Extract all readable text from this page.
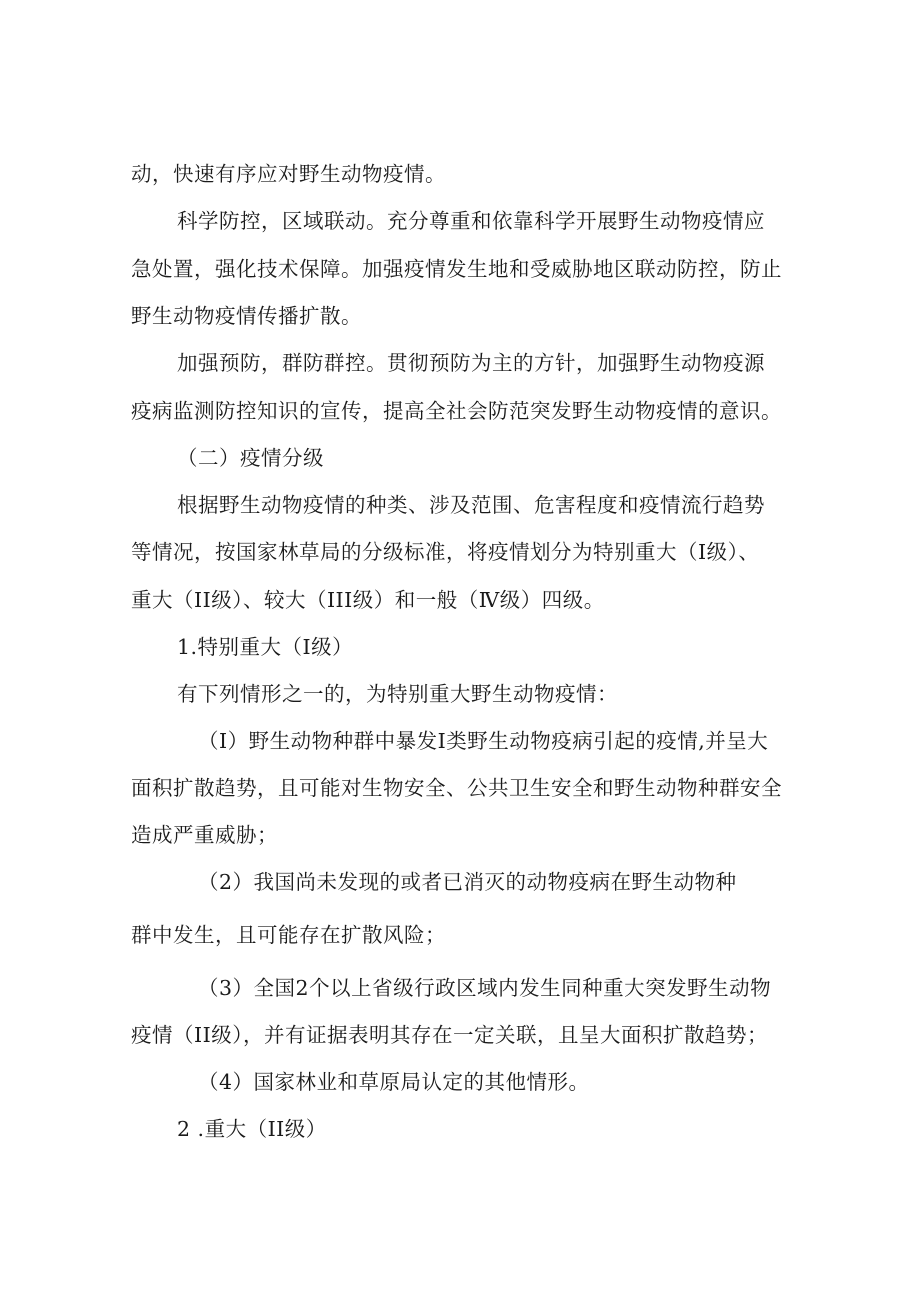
动，快速有序应对野生动物疫情。
科学防控，区域联动。充分尊重和依靠科学开展野生动物疫情应
急处置，强化技术保障。加强疫情发生地和受威胁地区联动防控，防止
野生动物疫情传播扩散。
加强预防，群防群控。贯彻预防为主的方针，加强野生动物疫源
疫病监测防控知识的宣传，提高全社会防范突发野生动物疫情的意识。
（二）疫情分级
根据野生动物疫情的种类、涉及范围、危害程度和疫情流行趋势
等情况，按国家林草局的分级标准，将疫情划分为特别重大（Ⅰ级）、
重大（II级）、较大（III级）和一般（Ⅳ级）四级。
1.特别重大（Ⅰ级）
有下列情形之一的，为特别重大野生动物疫情：
（I）野生动物种群中暴发Ⅰ类野生动物疫病引起的疫情,并呈大
面积扩散趋势，且可能对生物安全、公共卫生安全和野生动物种群安全
造成严重威胁；
（2）我国尚未发现的或者已消灭的动物疫病在野生动物种
群中发生，且可能存在扩散风险；
（3）全国2个以上省级行政区域内发生同种重大突发野生动物
疫情（II级），并有证据表明其存在一定关联，且呈大面积扩散趋势；
（4）国家林业和草原局认定的其他情形。
2 .重大（II级）
